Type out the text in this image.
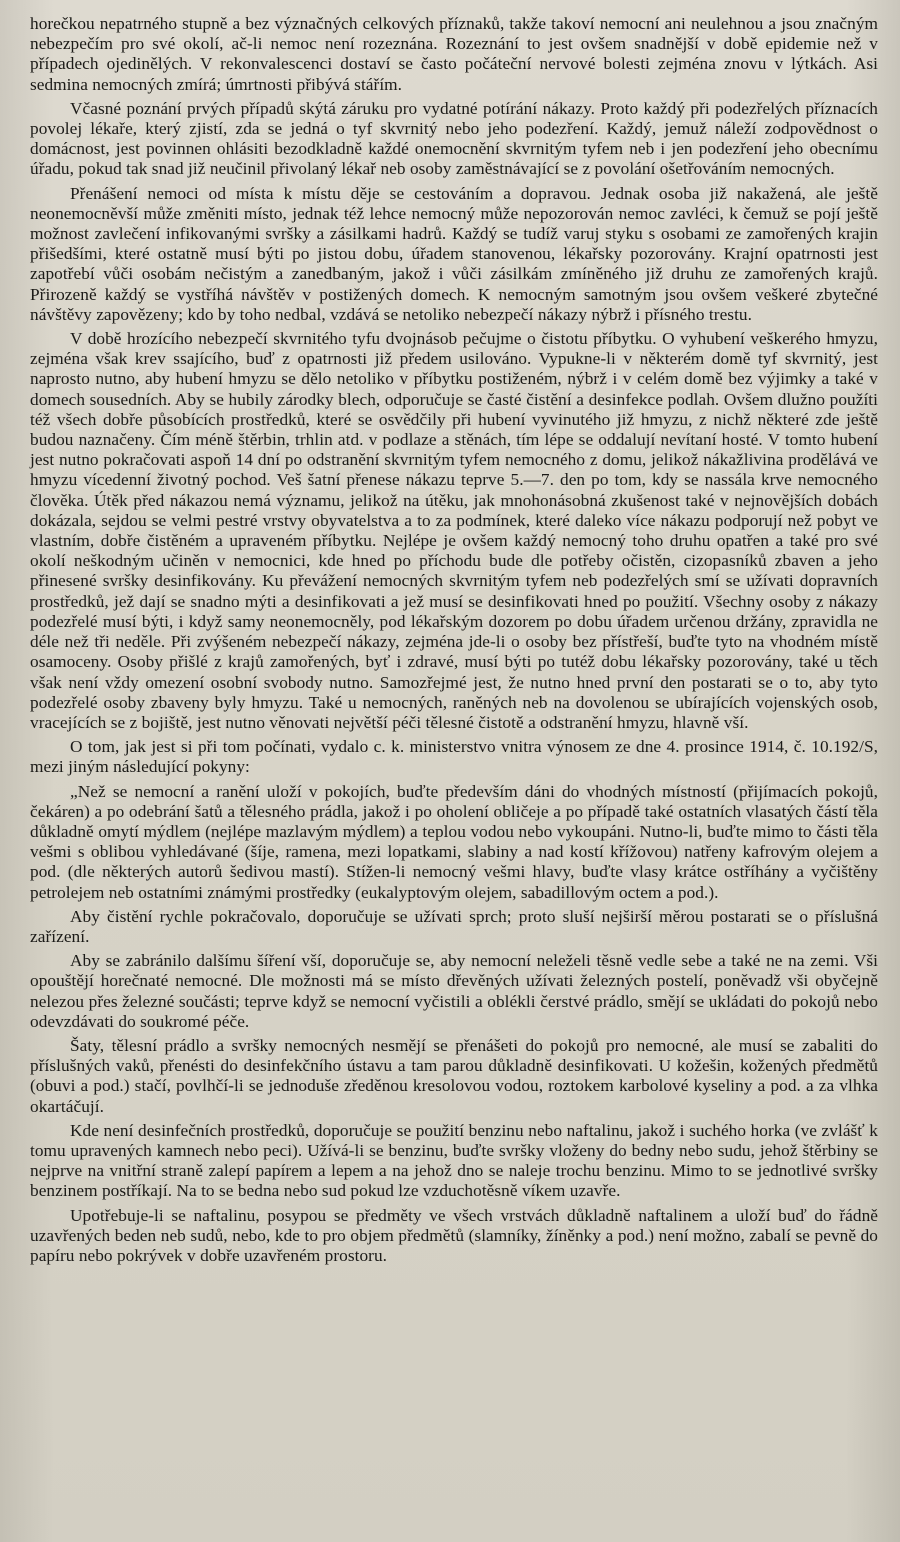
horečkou nepatrného stupně a bez význačných celkových příznaků, takže takoví nemocní ani neulehnou a jsou značným nebezpečím pro své okolí, ač-li nemoc není rozeznána. Rozeznání to jest ovšem snadnější v době epidemie než v případech ojedinělých. V rekonvalescenci dostaví se často počáteční nervové bolesti zejména znovu v lýtkách. Asi sedmina nemocných zmírá; úmrtnosti přibývá stářím.

Včasné poznání prvých případů skýtá záruku pro vydatné potírání nákazy. Proto každý při podezřelých příznacích povolej lékaře, který zjistí, zda se jedná o tyf skvrnitý nebo jeho podezření. Každý, jemuž náleží zodpovědnost o domácnost, jest povinnen ohlásiti bezodkladně každé onemocnění skvrnitým tyfem neb i jen podezření jeho obecnímu úřadu, pokud tak snad již neučinil přivolaný lékař neb osoby zaměstnávající se z povolání ošetřováním nemocných.

Přenášení nemoci od místa k místu děje se cestováním a dopravou. Jednak osoba již nakažená, ale ještě neonemocněvší může změniti místo, jednak též lehce nemocný může nepozorován nemoc zavléci, k čemuž se pojí ještě možnost zavlečení infikovanými svršky a zásilkami hadrů. Každý se tudíž varuj styku s osobami ze zamořených krajin přišedšími, které ostatně musí býti po jistou dobu, úřadem stanovenou, lékařsky pozorovány. Krajní opatrnosti jest zapotřebí vůči osobám nečistým a zanedbaným, jakož i vůči zásilkám zmíněného již druhu ze zamořených krajů. Přirozeně každý se vystříhá návštěv v postižených domech. K nemocným samotným jsou ovšem veškeré zbytečné návštěvy zapovězeny; kdo by toho nedbal, vzdává se netoliko nebezpečí nákazy nýbrž i přísného trestu.

V době hrozícího nebezpečí skvrnitého tyfu dvojnásob pečujme o čistotu příbytku. O vyhubení veškerého hmyzu, zejména však krev ssajícího, buď z opatrnosti již předem usilováno. Vypukne-li v některém domě tyf skvrnitý, jest naprosto nutno, aby hubení hmyzu se dělo netoliko v příbytku postiženém, nýbrž i v celém domě bez výjimky a také v domech sousedních. Aby se hubily zárodky blech, odporučuje se časté čistění a desinfekce podlah. Ovšem dlužno použíti též všech dobře působících prostředků, které se osvědčily při hubení vyvinutého již hmyzu, z nichž některé zde ještě budou naznačeny. Čím méně štěrbin, trhlin atd. v podlaze a stěnách, tím lépe se oddalují nevítaní hosté. V tomto hubení jest nutno pokračovati aspoň 14 dní po odstranění skvrnitým tyfem nemocného z domu, jelikož nákažlivina prodělává ve hmyzu vícedenní životný pochod. Veš šatní přenese nákazu teprve 5.—7. den po tom, kdy se nassála krve nemocného člověka. Útěk před nákazou nemá významu, jelikož na útěku, jak mnohonásobná zkušenost také v nejnovějších dobách dokázala, sejdou se velmi pestré vrstvy obyvatelstva a to za podmínek, které daleko více nákazu podporují než pobyt ve vlastním, dobře čistěném a upraveném příbytku. Nejlépe je ovšem každý nemocný toho druhu opatřen a také pro své okolí neškodným učiněn v nemocnici, kde hned po příchodu bude dle potřeby očistěn, cizopasníků zbaven a jeho přinesené svršky desinfikovány. Ku převážení nemocných skvrnitým tyfem neb podezřelých smí se užívati dopravních prostředků, jež dají se snadno mýti a desinfikovati a jež musí se desinfikovati hned po použití. Všechny osoby z nákazy podezřelé musí býti, i když samy neonemocněly, pod lékařským dozorem po dobu úřadem určenou držány, zpravidla ne déle než tři neděle. Při zvýšeném nebezpečí nákazy, zejména jde-li o osoby bez přístřeší, buďte tyto na vhodném místě osamoceny. Osoby přišlé z krajů zamořených, byť i zdravé, musí býti po tutéž dobu lékařsky pozorovány, také u těch však není vždy omezení osobní svobody nutno. Samozřejmé jest, že nutno hned první den postarati se o to, aby tyto podezřelé osoby zbaveny byly hmyzu. Také u nemocných, raněných neb na dovolenou se ubírajících vojenských osob, vracejících se z bojiště, jest nutno věnovati největší péči tělesné čistotě a odstranění hmyzu, hlavně vší.

O tom, jak jest si při tom počínati, vydalo c. k. ministerstvo vnitra výnosem ze dne 4. prosince 1914, č. 10.192/S, mezi jiným následující pokyny:

„Než se nemocní a ranění uloží v pokojích, buďte především dáni do vhodných místností (přijímacích pokojů, čekáren) a po odebrání šatů a tělesného prádla, jakož i po oholení obličeje a po případě také ostatních vlasatých částí těla důkladně omytí mýdlem (nejlépe mazlavým mýdlem) a teplou vodou nebo vykoupáni. Nutno-li, buďte mimo to části těla vešmi s oblibou vyhledávané (šíje, ramena, mezi lopatkami, slabiny a nad kostí křížovou) natřeny kafrovým olejem a pod. (dle některých autorů šedivou mastí). Stížen-li nemocný vešmi hlavy, buďte vlasy krátce ostříhány a vyčištěny petrolejem neb ostatními známými prostředky (eukalyptovým olejem, sabadillovým octem a pod.).

Aby čistění rychle pokračovalo, doporučuje se užívati sprch; proto sluší nejširší měrou postarati se o příslušná zařízení.

Aby se zabránilo dalšímu šíření vší, doporučuje se, aby nemocní neleželi těsně vedle sebe a také ne na zemi. Vši opouštějí horečnaté nemocné. Dle možnosti má se místo dřevěných užívati železných postelí, poněvadž vši obyčejně nelezou přes železné součásti; teprve když se nemocní vyčistili a oblékli čerstvé prádlo, smějí se ukládati do pokojů nebo odevzdávati do soukromé péče.

Šaty, tělesní prádlo a svršky nemocných nesmějí se přenášeti do pokojů pro nemocné, ale musí se zabaliti do příslušných vaků, přenésti do desinfekčního ústavu a tam parou důkladně desinfikovati. U kožešin, kožených předmětů (obuvi a pod.) stačí, povlhčí-li se jednoduše zředěnou kresolovou vodou, roztokem karbolové kyseliny a pod. a za vlhka okartáčují.

Kde není desinfečních prostředků, doporučuje se použití benzinu nebo naftalinu, jakož i suchého horka (ve zvlášť k tomu upravených kamnech nebo peci). Užívá-li se benzinu, buďte svršky vloženy do bedny nebo sudu, jehož štěrbiny se nejprve na vnitřní straně zalepí papírem a lepem a na jehož dno se naleje trochu benzinu. Mimo to se jednotlivé svršky benzinem postříkají. Na to se bedna nebo sud pokud lze vzduchotěsně víkem uzavře.

Upotřebuje-li se naftalinu, posypou se předměty ve všech vrstvách důkladně naftalinem a uloží buď do řádně uzavřených beden neb sudů, nebo, kde to pro objem předmětů (slamníky, žíněnky a pod.) není možno, zabalí se pevně do papíru nebo pokrývek v dobře uzavřeném prostoru.
